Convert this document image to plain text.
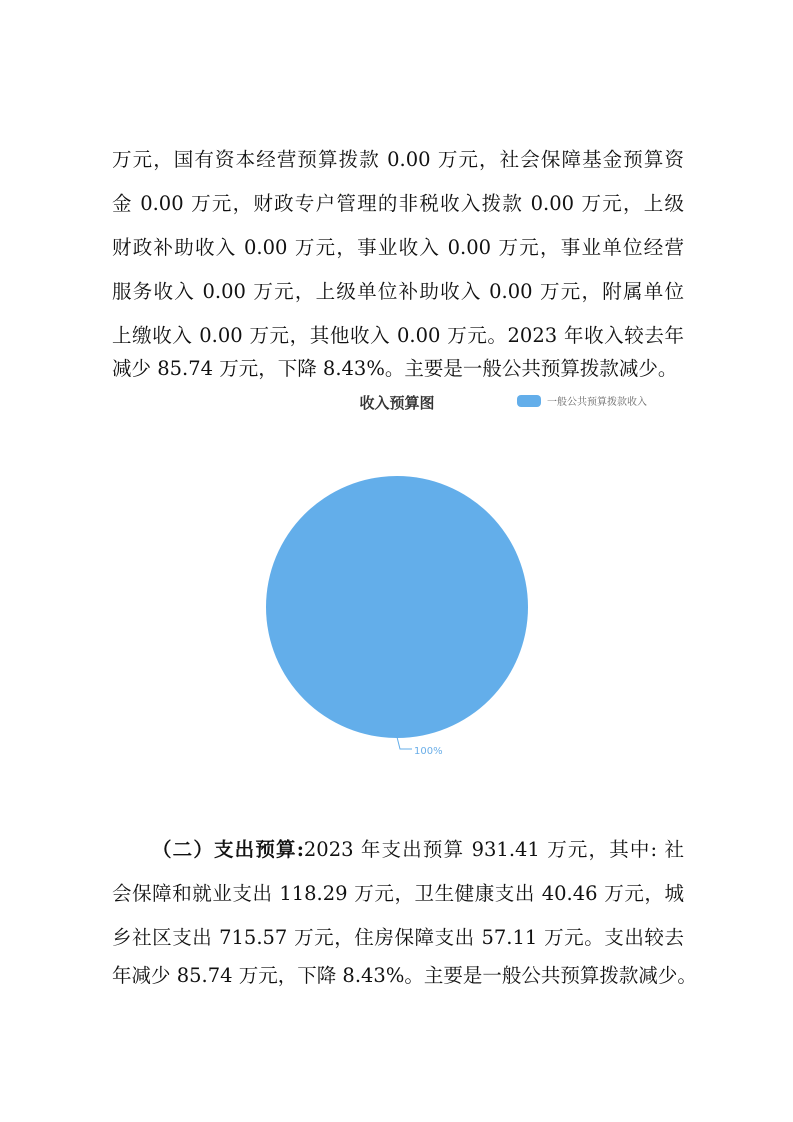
万元，国有资本经营预算拨款 0.00 万元，社会保障基金预算资
金 0.00 万元，财政专户管理的非税收入拨款 0.00 万元，上级
财政补助收入 0.00 万元，事业收入 0.00 万元，事业单位经营
服务收入 0.00 万元，上级单位补助收入 0.00 万元，附属单位
上缴收入 0.00 万元，其他收入 0.00 万元。2023 年收入较去年
减少 85.74 万元，下降 8.43%。主要是一般公共预算拨款减少。
收入预算图	一般公共预算拨款收入
100%
（二）支出预算:2023 年支出预算 931.41 万元，其中: 社
会保障和就业支出 118.29 万元，卫生健康支出 40.46 万元，城
乡社区支出 715.57 万元，住房保障支出 57.11 万元。支出较去
年减少 85.74 万元，下降 8.43%。主要是一般公共预算拨款减少。
